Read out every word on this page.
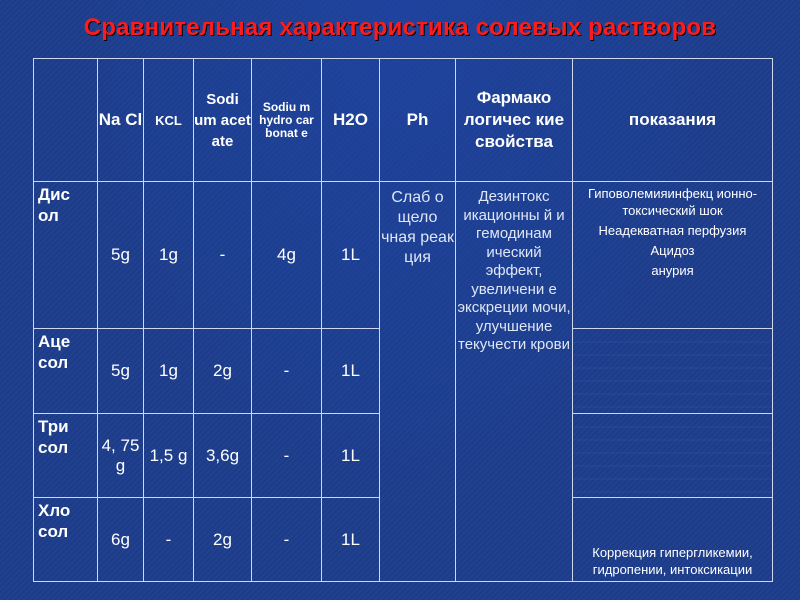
Сравнительная характеристика солевых растворов
	Na Cl	KCL	Sodi um acet ate	Sodiu m hydro car bonat e	H2O	Ph	Фармако логичес кие свойства	показания
Дис ол	5g	1g	-	4g	1L	Слаб о щело чная реак ция	Дезинтокс икационны й и гемодинам ический эффект, увеличени е экскреции мочи, улучшение текучести крови	Гиповолемияинфекц ионно-токсический шок
Неадекватная перфузия
Ацидоз
анурия

Аце сол	5g	1g	2g	-	1L			
Три сол	4, 75 g	1,5 g	3,6g	-	1L			
Хло сол	6g	-	2g	-	1L			Коррекция гипергликемии, гидропении, интоксикации
